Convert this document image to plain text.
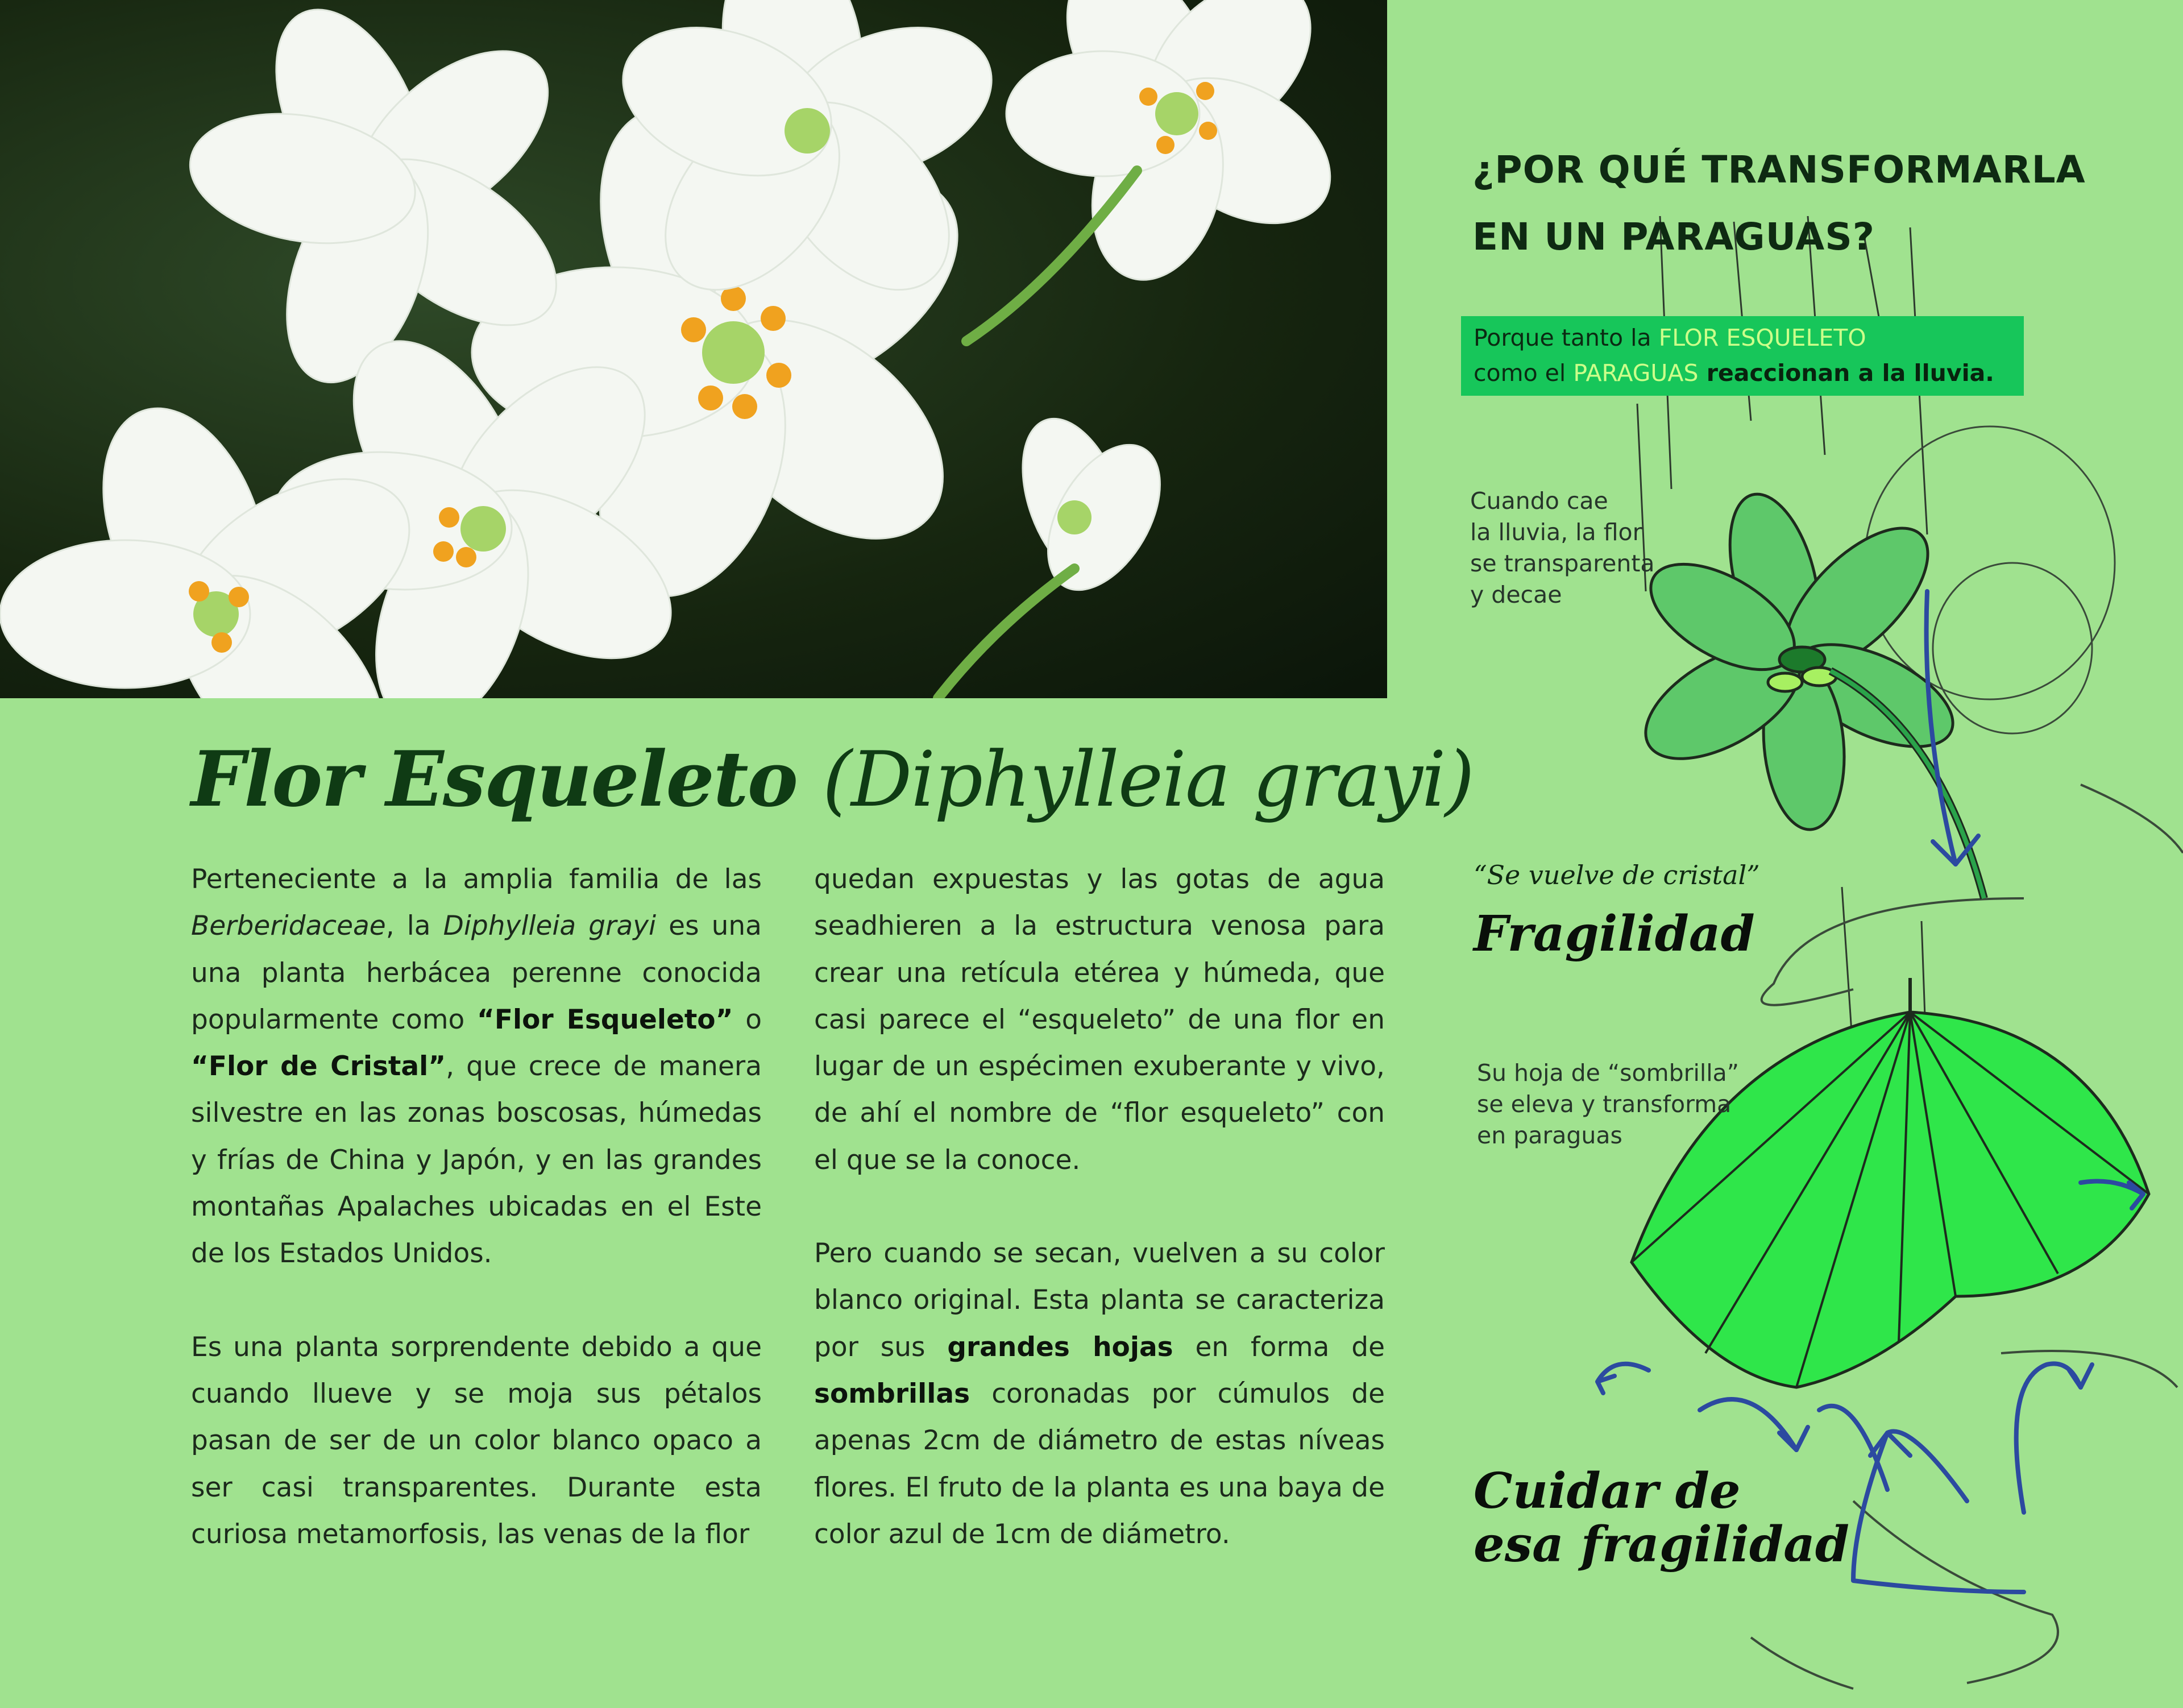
Flor Esqueleto (Diphylleia grayi)

Perteneciente a la amplia familia de las Berberidaceae, la Diphylleia grayi es una una planta herbácea perenne conocida popularmente como “Flor Esqueleto” o “Flor de Cristal”, que crece de manera silvestre en las zonas boscosas, húmedas y frías de China y Japón, y en las grandes montañas Apalaches ubicadas en el Este de los Estados Unidos.

Es una planta sorprendente debido a que cuando llueve y se moja sus pétalos pasan de ser de un color blanco opaco a ser casi transparentes. Durante esta curiosa metamorfosis, las venas de la flor

quedan expuestas y las gotas de agua seadhieren a la estructura venosa para crear una retícula etérea y húmeda, que casi parece el “esqueleto” de una flor en lugar de un espécimen exuberante y vivo, de ahí el nombre de “flor esqueleto” con el que se la conoce.

Pero cuando se secan, vuelven a su color blanco original. Esta planta se caracteriza por sus grandes hojas en forma de sombrillas coronadas por cúmulos de apenas 2cm de diámetro de estas níveas flores. El fruto de la planta es una baya de color azul de 1cm de diámetro.

¿POR QUÉ TRANSFORMARLA
EN UN PARAGUAS?
Porque tanto la FLOR ESQUELETO
como el PARAGUAS reaccionan a la lluvia.
Cuando cae
la lluvia, la flor
se transparenta
y decae

“Se vuelve de cristal”

Fragilidad

Su hoja de “sombrilla”
se eleva y transforma
en paraguas

Cuidar de
esa fragilidad
